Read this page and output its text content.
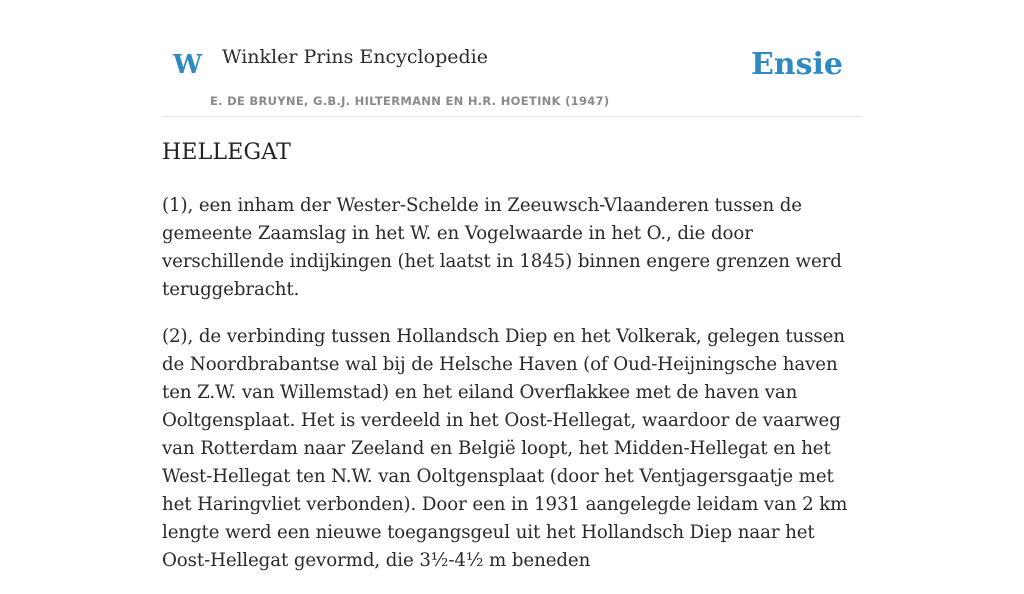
W Winkler Prins Encyclopedie
E. DE BRUYNE, G.B.J. HILTERMANN EN H.R. HOETINK (1947)
Ensie
HELLEGAT

(1), een inham der Wester-Schelde in Zeeuwsch-Vlaanderen tussen de gemeente Zaamslag in het W. en Vogelwaarde in het O., die door verschillende indijkingen (het laatst in 1845) binnen engere grenzen werd teruggebracht.

(2), de verbinding tussen Hollandsch Diep en het Volkerak, gelegen tussen de Noordbrabantse wal bij de Helsche Haven (of Oud-Heijningsche haven ten Z.W. van Willemstad) en het eiland Overflakkee met de haven van Ooltgensplaat. Het is verdeeld in het Oost-Hellegat, waardoor de vaarweg van Rotterdam naar Zeeland en België loopt, het Midden-Hellegat en het West-Hellegat ten N.W. van Ooltgensplaat (door het Ventjagersgaatje met het Haringvliet verbonden). Door een in 1931 aangelegde leidam van 2 km lengte werd een nieuwe toegangsgeul uit het Hollandsch Diep naar het Oost-Hellegat gevormd, die 3½-4½ m beneden
